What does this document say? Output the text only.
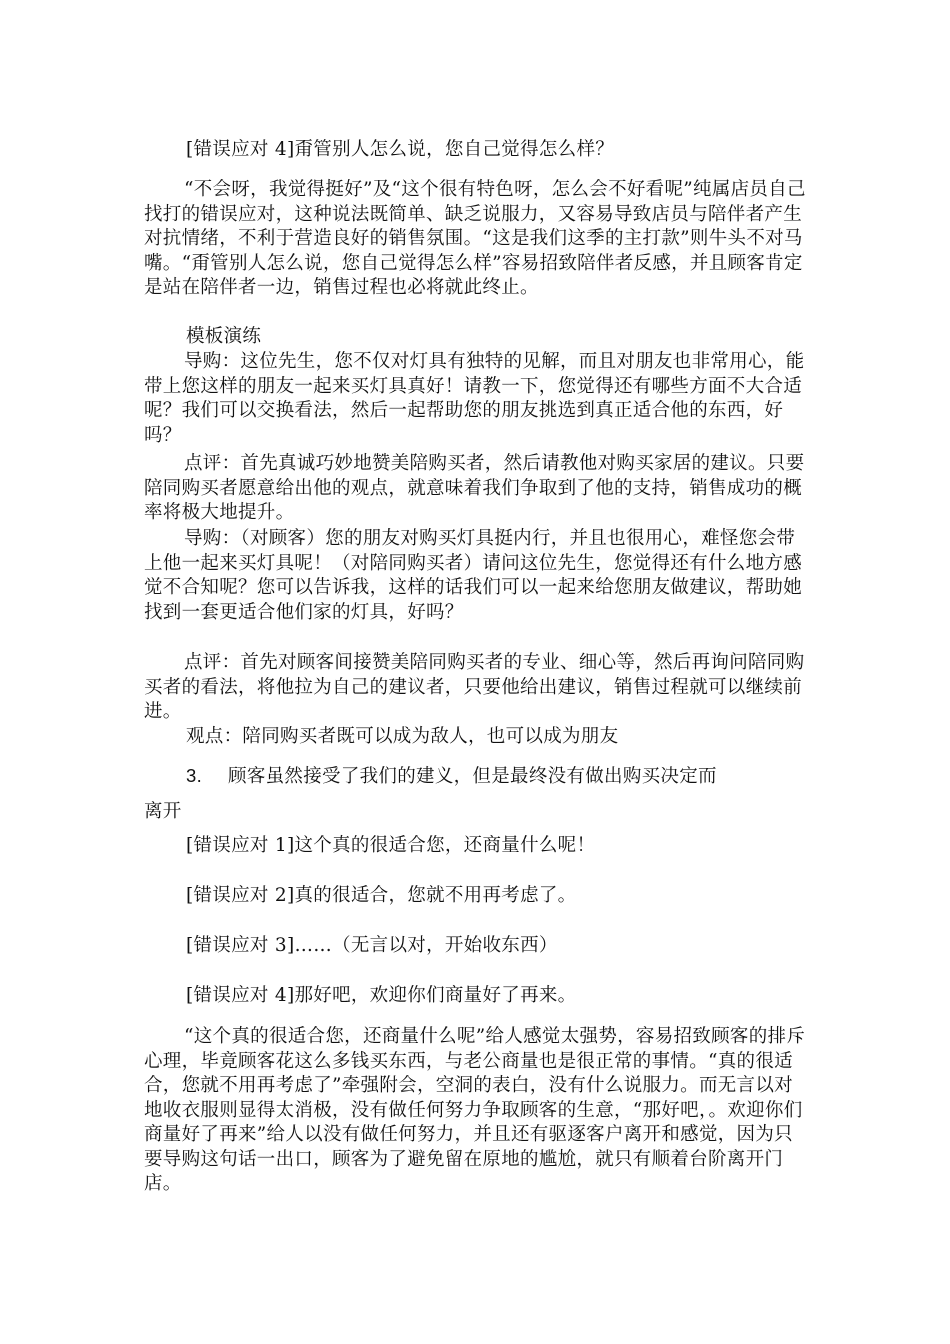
[错误应对 4]甭管别人怎么说，您自己觉得怎么样？

“不会呀，我觉得挺好”及“这个很有特色呀，怎么会不好看呢”纯属店员自己找打的错误应对，这种说法既简单、缺乏说服力，又容易导致店员与陪伴者产生对抗情绪，不利于营造良好的销售氛围。“这是我们这季的主打款”则牛头不对马嘴。“甭管别人怎么说，您自己觉得怎么样”容易招致陪伴者反感，并且顾客肯定是站在陪伴者一边，销售过程也必将就此终止。

模板演练

导购：这位先生，您不仅对灯具有独特的见解，而且对朋友也非常用心，能带上您这样的朋友一起来买灯具真好！请教一下，您觉得还有哪些方面不大合适呢？我们可以交换看法，然后一起帮助您的朋友挑选到真正适合他的东西，好吗？

点评：首先真诚巧妙地赞美陪购买者，然后请教他对购买家居的建议。只要陪同购买者愿意给出他的观点，就意味着我们争取到了他的支持，销售成功的概率将极大地提升。

导购：（对顾客）您的朋友对购买灯具挺内行，并且也很用心，难怪您会带上他一起来买灯具呢！（对陪同购买者）请问这位先生，您觉得还有什么地方感觉不合知呢？您可以告诉我，这样的话我们可以一起来给您朋友做建议，帮助她找到一套更适合他们家的灯具，好吗？

点评：首先对顾客间接赞美陪同购买者的专业、细心等，然后再询问陪同购买者的看法，将他拉为自己的建议者，只要他给出建议，销售过程就可以继续前进。

观点：陪同购买者既可以成为敌人，也可以成为朋友

3. 顾客虽然接受了我们的建义，但是最终没有做出购买决定而

离开

[错误应对 1]这个真的很适合您，还商量什么呢！

[错误应对 2]真的很适合，您就不用再考虑了。

[错误应对 3]……（无言以对，开始收东西）

[错误应对 4]那好吧，欢迎你们商量好了再来。

“这个真的很适合您，还商量什么呢”给人感觉太强势，容易招致顾客的排斥心理，毕竟顾客花这么多钱买东西，与老公商量也是很正常的事情。“真的很适合，您就不用再考虑了”牵强附会，空洞的表白，没有什么说服力。而无言以对地收衣服则显得太消极，没有做任何努力争取顾客的生意，“那好吧，。欢迎你们商量好了再来”给人以没有做任何努力，并且还有驱逐客户离开和感觉，因为只要导购这句话一出口，顾客为了避免留在原地的尴尬，就只有顺着台阶离开门店。
